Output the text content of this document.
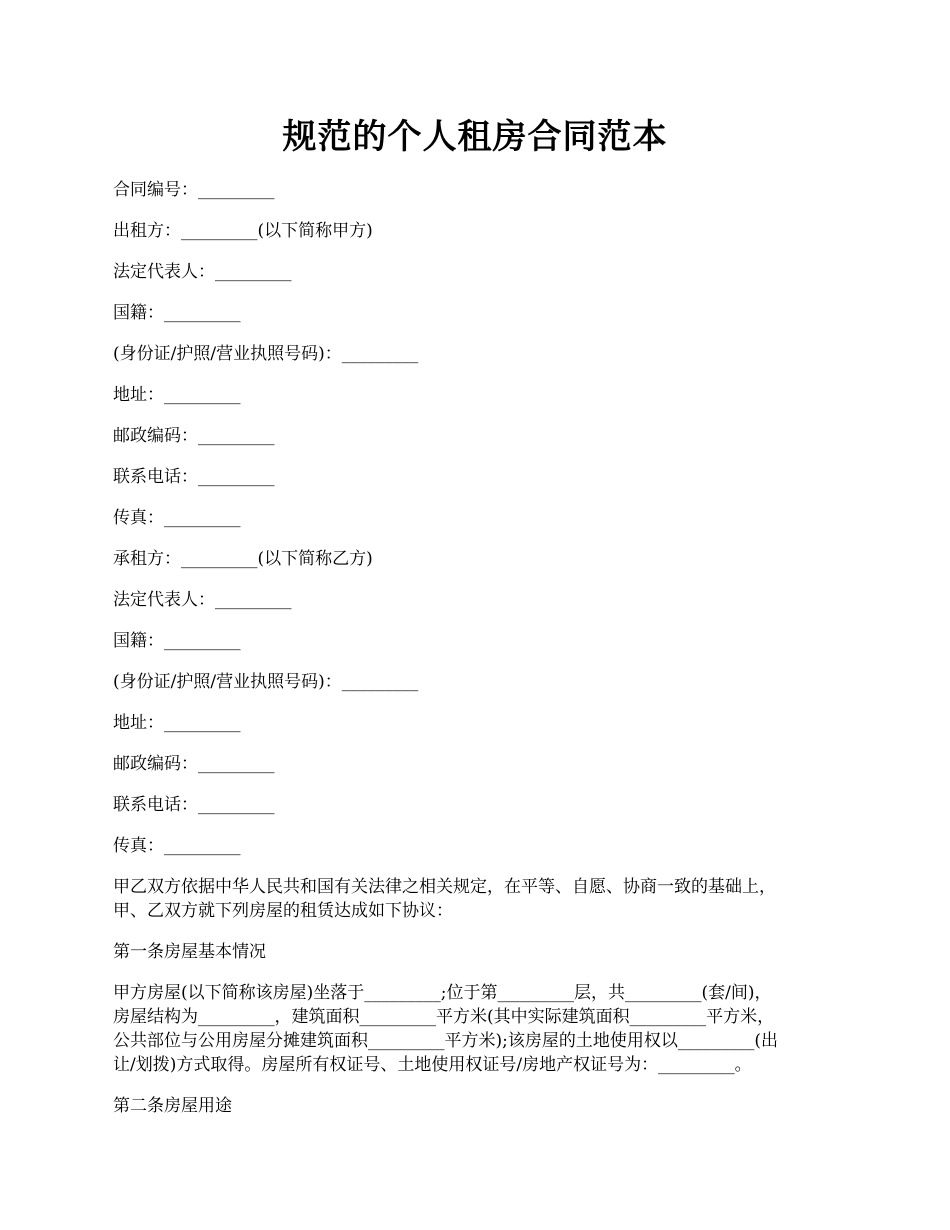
规范的个人租房合同范本
合同编号：_________
出租方：_________(以下简称甲方)
法定代表人：_________
国籍：_________
(身份证/护照/营业执照号码)：_________
地址：_________
邮政编码：_________
联系电话：_________
传真：_________
承租方：_________(以下简称乙方)
法定代表人：_________
国籍：_________
(身份证/护照/营业执照号码)：_________
地址：_________
邮政编码：_________
联系电话：_________
传真：_________
甲乙双方依据中华人民共和国有关法律之相关规定，在平等、自愿、协商一致的基础上，
甲、乙双方就下列房屋的租赁达成如下协议：
第一条房屋基本情况
甲方房屋(以下简称该房屋)坐落于_________;位于第_________层，共_________(套/间)，
房屋结构为_________，建筑面积_________平方米(其中实际建筑面积_________平方米，
公共部位与公用房屋分摊建筑面积_________平方米);该房屋的土地使用权以_________(出
让/划拨)方式取得。房屋所有权证号、土地使用权证号/房地产权证号为：_________。
第二条房屋用途
